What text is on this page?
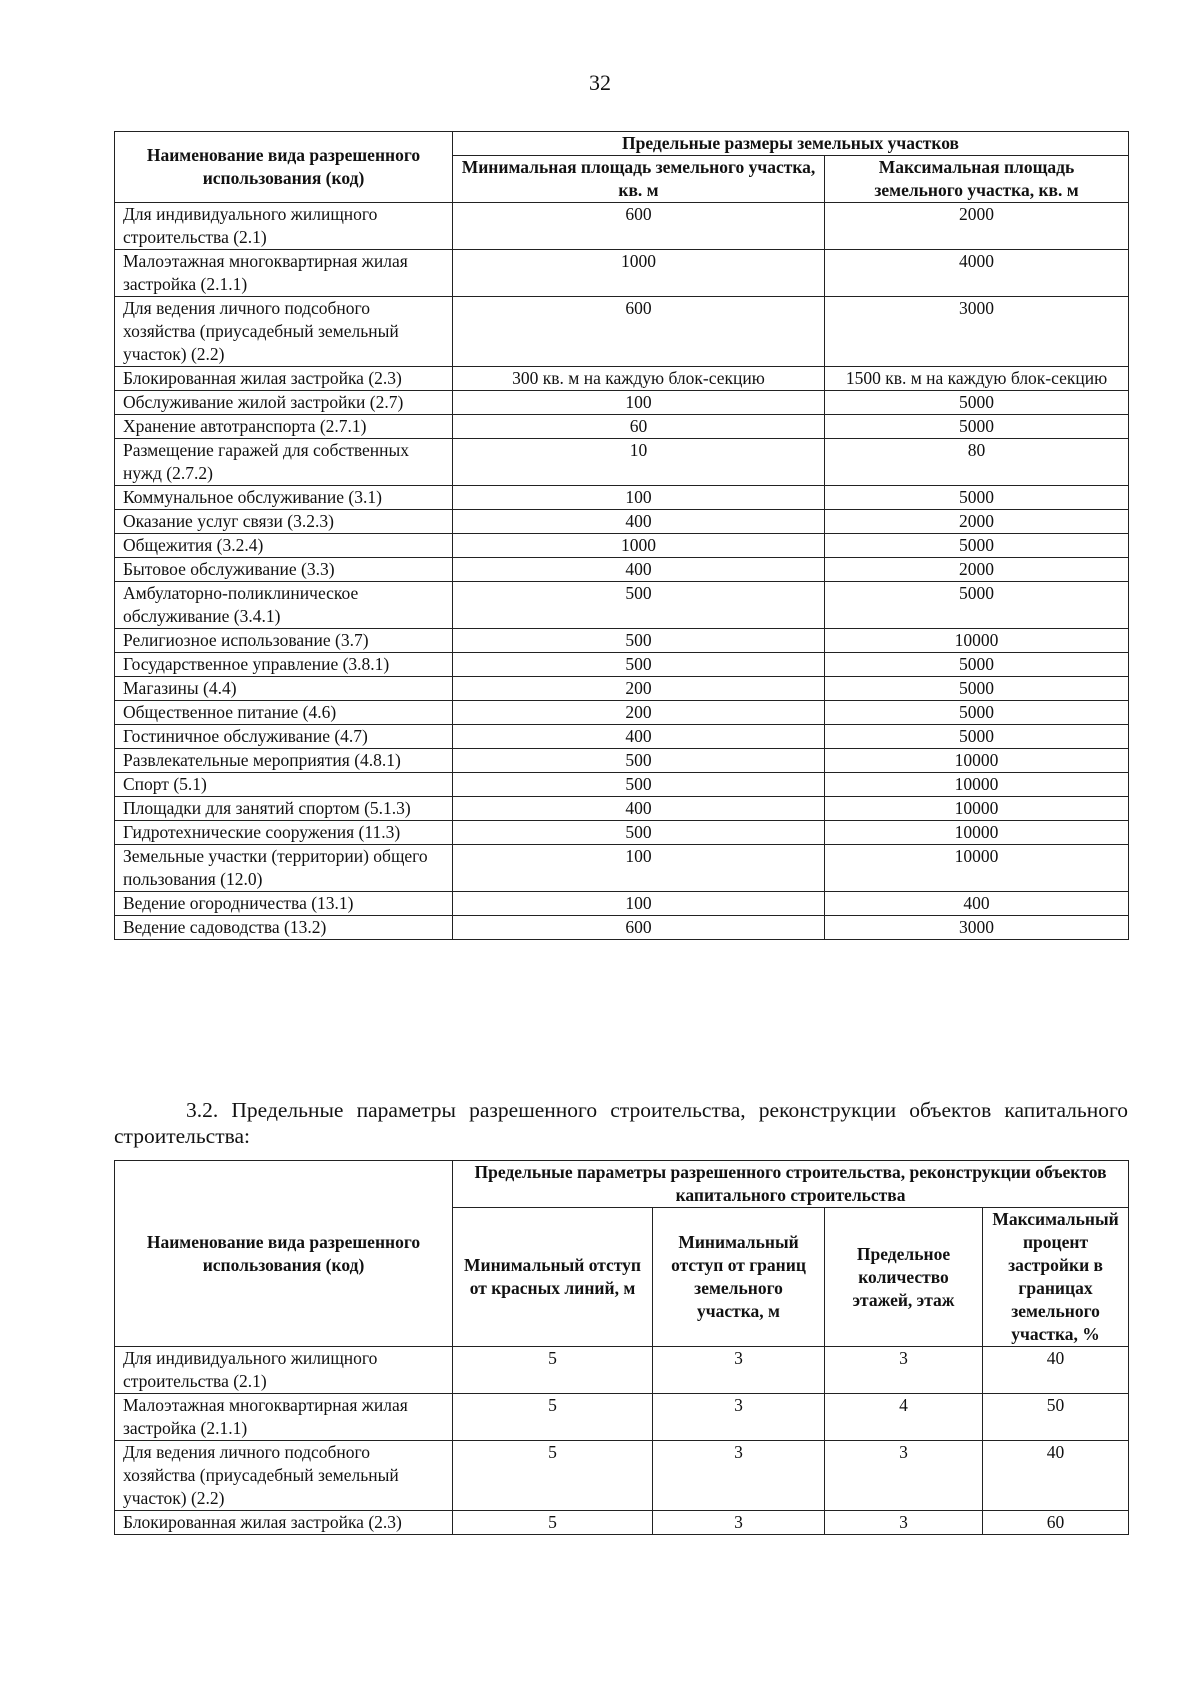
32
Наименование вида разрешенного использования (код)	Предельные размеры земельных участков	
	Минимальная площадь земельного участка, кв. м	Максимальная площадь земельного участка, кв. м
Для индивидуального жилищного строительства (2.1)	600	2000
Малоэтажная многоквартирная жилая застройка (2.1.1)	1000	4000
Для ведения личного подсобного хозяйства (приусадебный земельный участок) (2.2)	600	3000
Блокированная жилая застройка (2.3)	300 кв. м на каждую блок-секцию	1500 кв. м на каждую блок-секцию
Обслуживание жилой застройки (2.7)	100	5000
Хранение автотранспорта (2.7.1)	60	5000
Размещение гаражей для собственных нужд (2.7.2)	10	80
Коммунальное обслуживание (3.1)	100	5000
Оказание услуг связи (3.2.3)	400	2000
Общежития (3.2.4)	1000	5000
Бытовое обслуживание (3.3)	400	2000
Амбулаторно-поликлиническое обслуживание (3.4.1)	500	5000
Религиозное использование (3.7)	500	10000
Государственное управление (3.8.1)	500	5000
Магазины (4.4)	200	5000
Общественное питание (4.6)	200	5000
Гостиничное обслуживание (4.7)	400	5000
Развлекательные мероприятия (4.8.1)	500	10000
Спорт (5.1)	500	10000
Площадки для занятий спортом (5.1.3)	400	10000
Гидротехнические сооружения (11.3)	500	10000
Земельные участки (территории) общего пользования (12.0)	100	10000
Ведение огородничества (13.1)	100	400
Ведение садоводства (13.2)	600	3000

3.2. Предельные параметры разрешенного строительства, реконструкции объектов капитального строительства:

Наименование вида разрешенного использования (код)	Предельные параметры разрешенного строительства, реконструкции объектов капитального строительства			
	Минимальный отступ от красных линий, м	Минимальный отступ от границ земельного участка, м	Предельное количество этажей, этаж	Максимальный процент застройки в границах земельного участка, %
Для индивидуального жилищного строительства (2.1)	5	3	3	40
Малоэтажная многоквартирная жилая застройка (2.1.1)	5	3	4	50
Для ведения личного подсобного хозяйства (приусадебный земельный участок) (2.2)	5	3	3	40
Блокированная жилая застройка (2.3)	5	3	3	60
